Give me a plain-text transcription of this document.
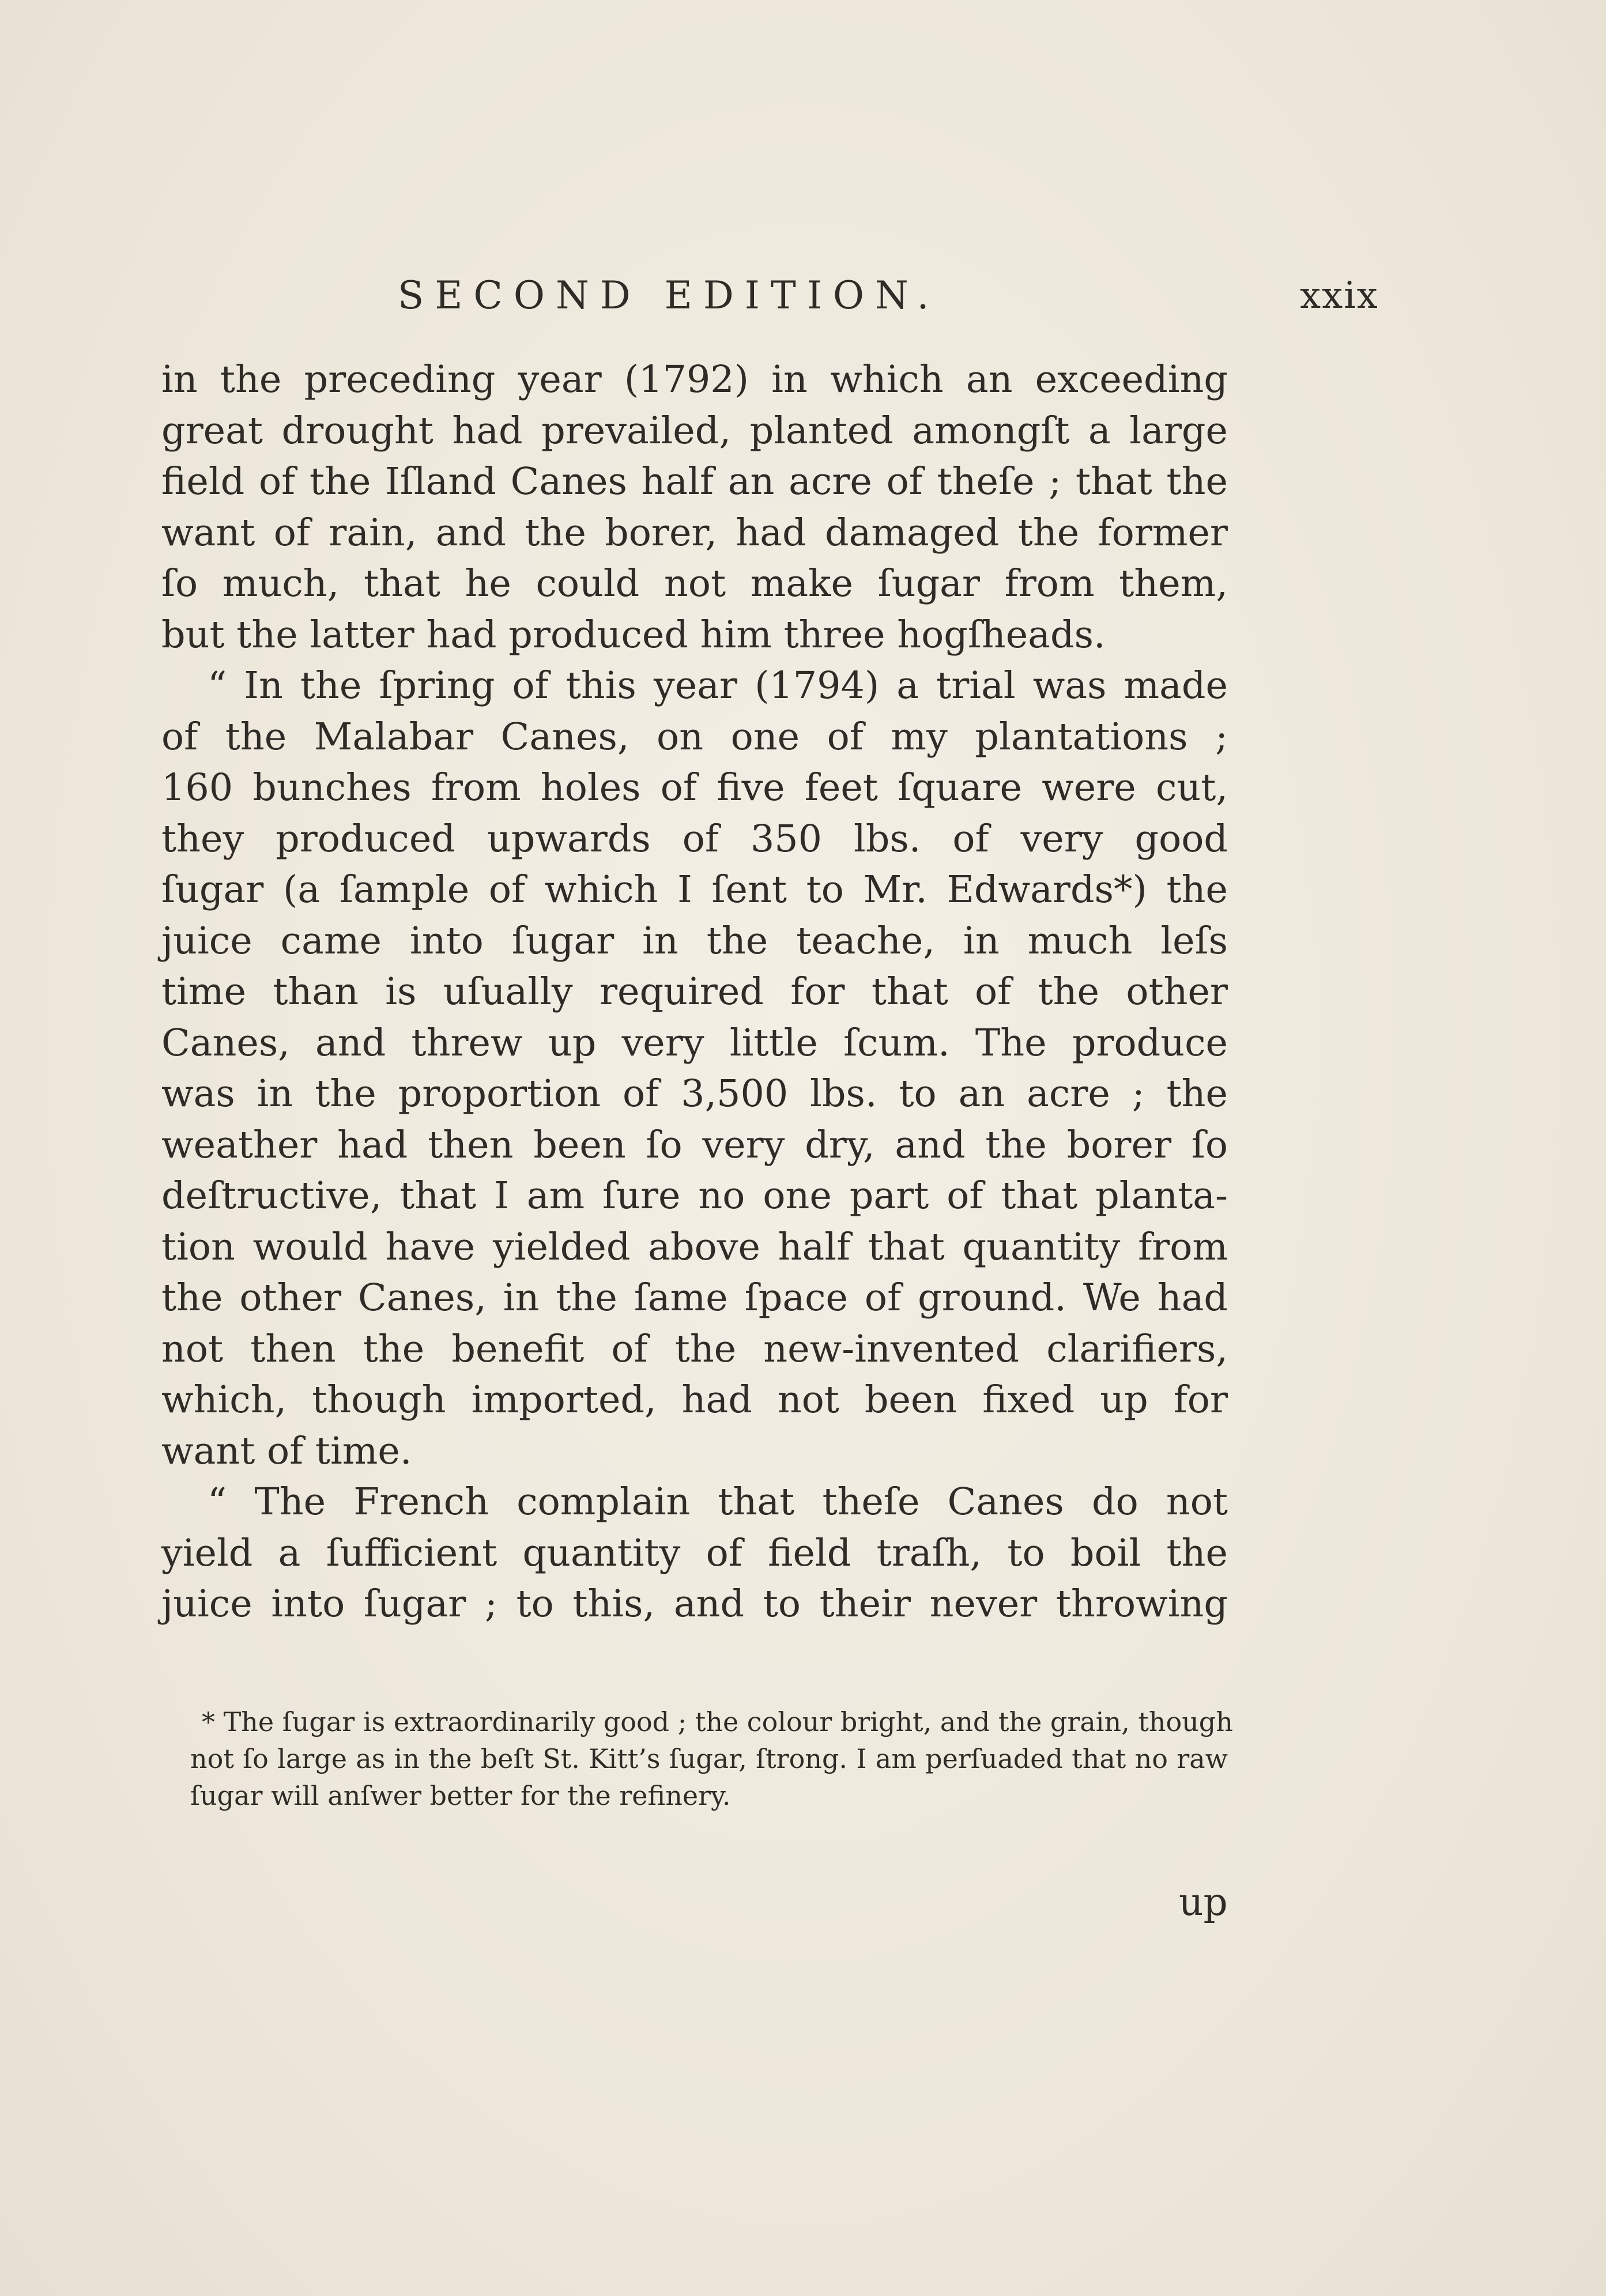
SECOND EDITION.	xxix
in the preceding year (1792) in which an exceeding
great drought had prevailed, planted amongſt a large
field of the Iſland Canes half an acre of theſe ; that the
want of rain, and the borer, had damaged the former
ſo much, that he could not make ſugar from them,
but the latter had produced him three hogſheads.
“ In the ſpring of this year (1794) a trial was made
of the Malabar Canes, on one of my plantations ;
160 bunches from holes of five feet ſquare were cut,
they produced upwards of 350 lbs. of very good
ſugar (a ſample of which I ſent to Mr. Edwards*) the
juice came into ſugar in the teache, in much leſs
time than is uſually required for that of the other
Canes, and threw up very little ſcum. The produce
was in the proportion of 3,500 lbs. to an acre ; the
weather had then been ſo very dry, and the borer ſo
deſtructive, that I am ſure no one part of that planta-
tion would have yielded above half that quantity from
the other Canes, in the ſame ſpace of ground. We had
not then the benefit of the new-invented clarifiers,
which, though imported, had not been fixed up for
want of time.
“ The French complain that theſe Canes do not
yield a ſufficient quantity of field traſh, to boil the
juice into ſugar ; to this, and to their never throwing
* The ſugar is extraordinarily good ; the colour bright, and the grain, though
not ſo large as in the beſt St. Kitt’s ſugar, ſtrong. I am perſuaded that no raw
ſugar will anſwer better for the refinery.
up
